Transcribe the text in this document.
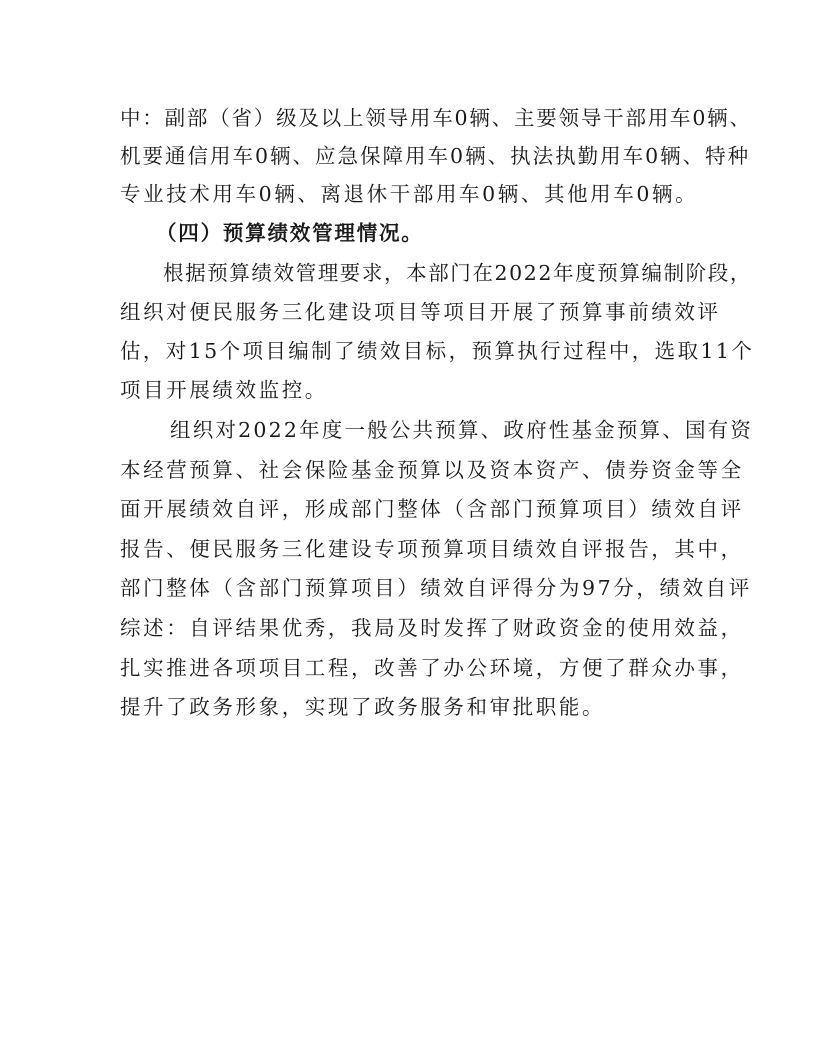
中：副部（省）级及以上领导用车0辆、主要领导干部用车0辆、
机要通信用车0辆、应急保障用车0辆、执法执勤用车0辆、特种
专业技术用车0辆、离退休干部用车0辆、其他用车0辆。
（四）预算绩效管理情况。
根据预算绩效管理要求，本部门在2022年度预算编制阶段，
组织对便民服务三化建设项目等项目开展了预算事前绩效评
估，对15个项目编制了绩效目标，预算执行过程中，选取11个
项目开展绩效监控。
组织对2022年度一般公共预算、政府性基金预算、国有资
本经营预算、社会保险基金预算以及资本资产、债券资金等全
面开展绩效自评，形成部门整体（含部门预算项目）绩效自评
报告、便民服务三化建设专项预算项目绩效自评报告，其中，
部门整体（含部门预算项目）绩效自评得分为97分，绩效自评
综述：自评结果优秀，我局及时发挥了财政资金的使用效益，
扎实推进各项项目工程，改善了办公环境，方便了群众办事，
提升了政务形象，实现了政务服务和审批职能。
